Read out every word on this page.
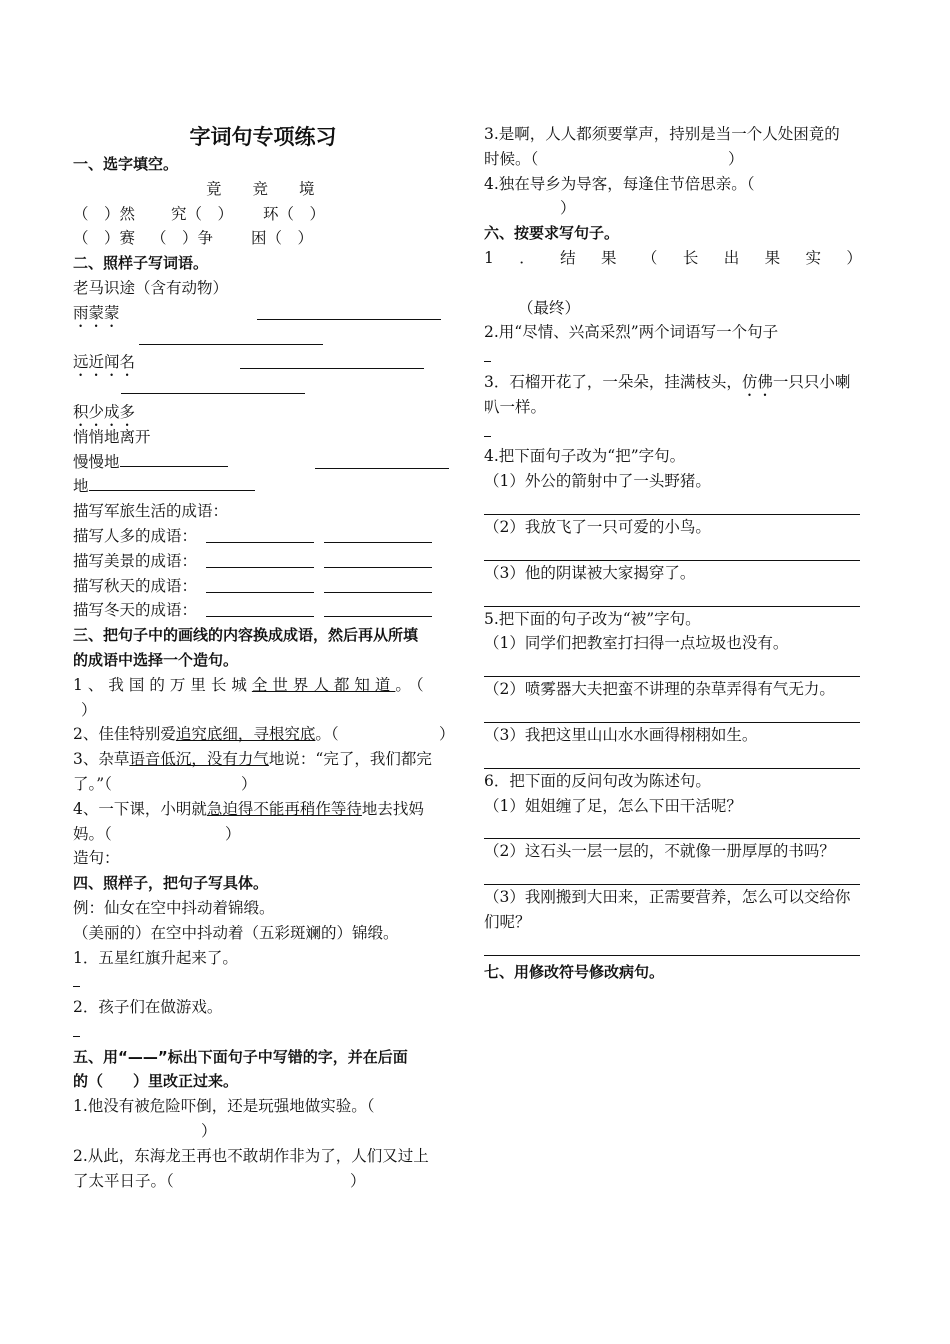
字词句专项练习
一、选字填空。
竟　　竞　　境
（　）然 究（　） 环（　）
（　）赛 （　）争 困（　）
二、照样子写词语。
老马识途（含有动物）
雨蒙蒙
远近闻名
积少成多
悄悄地离开
慢慢地
地
描写军旅生活的成语：
描写人多的成语：
描写美景的成语：
描写秋天的成语：
描写冬天的成语：
三、把句子中的画线的内容换成成语，然后再从所填
的成语中选择一个造句。
1、我国的万里长城全世界人都知道。（
）
2、佳佳特别爱追究底细，寻根究底。（	）
3、杂草语音低沉，没有力气地说：“完了，我们都完
了。”（	）
4、一下课，小明就急迫得不能再稍作等待地去找妈
妈。（	）
造句：
四、照样子，把句子写具体。
例：仙女在空中抖动着锦缎。
（美丽的）在空中抖动着（五彩斑斓的）锦缎。
1．五星红旗升起来了。
2．孩子们在做游戏。
五、用“——”标出下面句子中写错的字，并在后面
的（　　）里改正过来。
1.他没有被危险吓倒，还是玩强地做实验。（
）
2.从此，东海龙王再也不敢胡作非为了，人们又过上
了太平日子。（	）
3.是啊，人人都须要掌声，持别是当一个人处困竟的
时候。（	）
4.独在导乡为导客，每逢住节倍思亲。（
）
六、按要求写句子。
1 ． 结 果 （ 长 出 果 实 ）
（最终）
2.用“尽情、兴高采烈”两个词语写一个句子
3．石榴开花了，一朵朵，挂满枝头，仿佛一只只小喇
叭一样。
4.把下面句子改为“把”字句。
（1）外公的箭射中了一头野猪。
（2）我放飞了一只可爱的小鸟。
（3）他的阴谋被大家揭穿了。
5.把下面的句子改为“被”字句。
（1）同学们把教室打扫得一点垃圾也没有。
（2）喷雾器大夫把蛮不讲理的杂草弄得有气无力。
（3）我把这里山山水水画得栩栩如生。
6．把下面的反问句改为陈述句。
（1）姐姐缠了足，怎么下田干活呢？
（2）这石头一层一层的，不就像一册厚厚的书吗？
（3）我刚搬到大田来，正需要营养，怎么可以交给你
们呢？
七、用修改符号修改病句。
